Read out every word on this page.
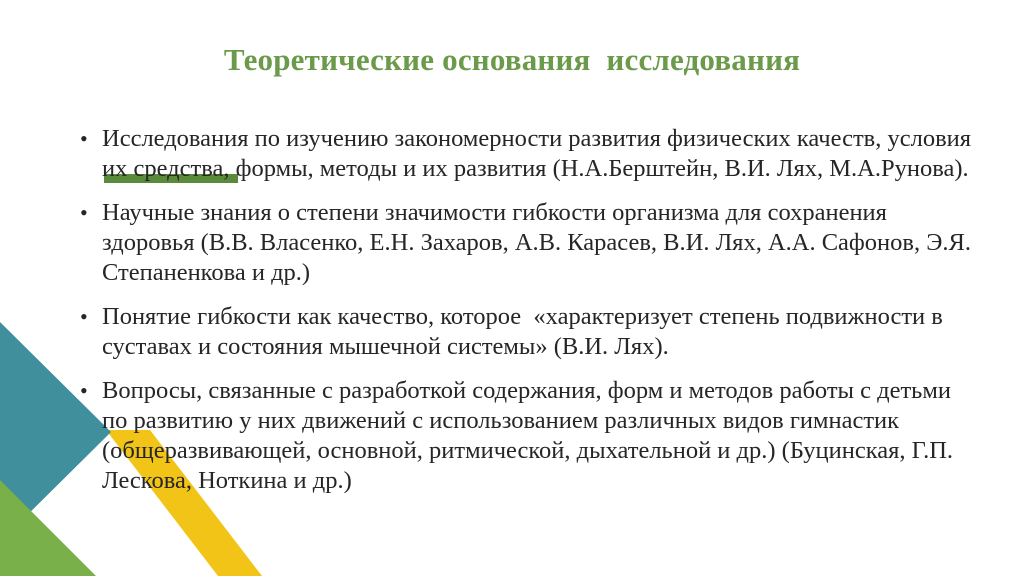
Теоретические основания  исследования
• Исследования по изучению закономерности развития физических качеств, условия их средства, формы, методы и их развития (Н.А.Берштейн, В.И. Лях, М.А.Рунова).
• Научные знания о степени значимости гибкости организма для сохранения здоровья (В.В. Власенко, Е.Н. Захаров, А.В. Карасев, В.И. Лях, А.А. Сафонов, Э.Я. Степаненкова и др.)
• Понятие гибкости как качество, которое  «характеризует степень подвижности в суставах и состояния мышечной системы» (В.И. Лях).
• Вопросы, связанные с разработкой содержания, форм и методов работы с детьми по развитию у них движений с использованием различных видов гимнастик (общеразвивающей, основной, ритмической, дыхательной и др.) (Буцинская, Г.П. Лескова, Ноткина и др.)
